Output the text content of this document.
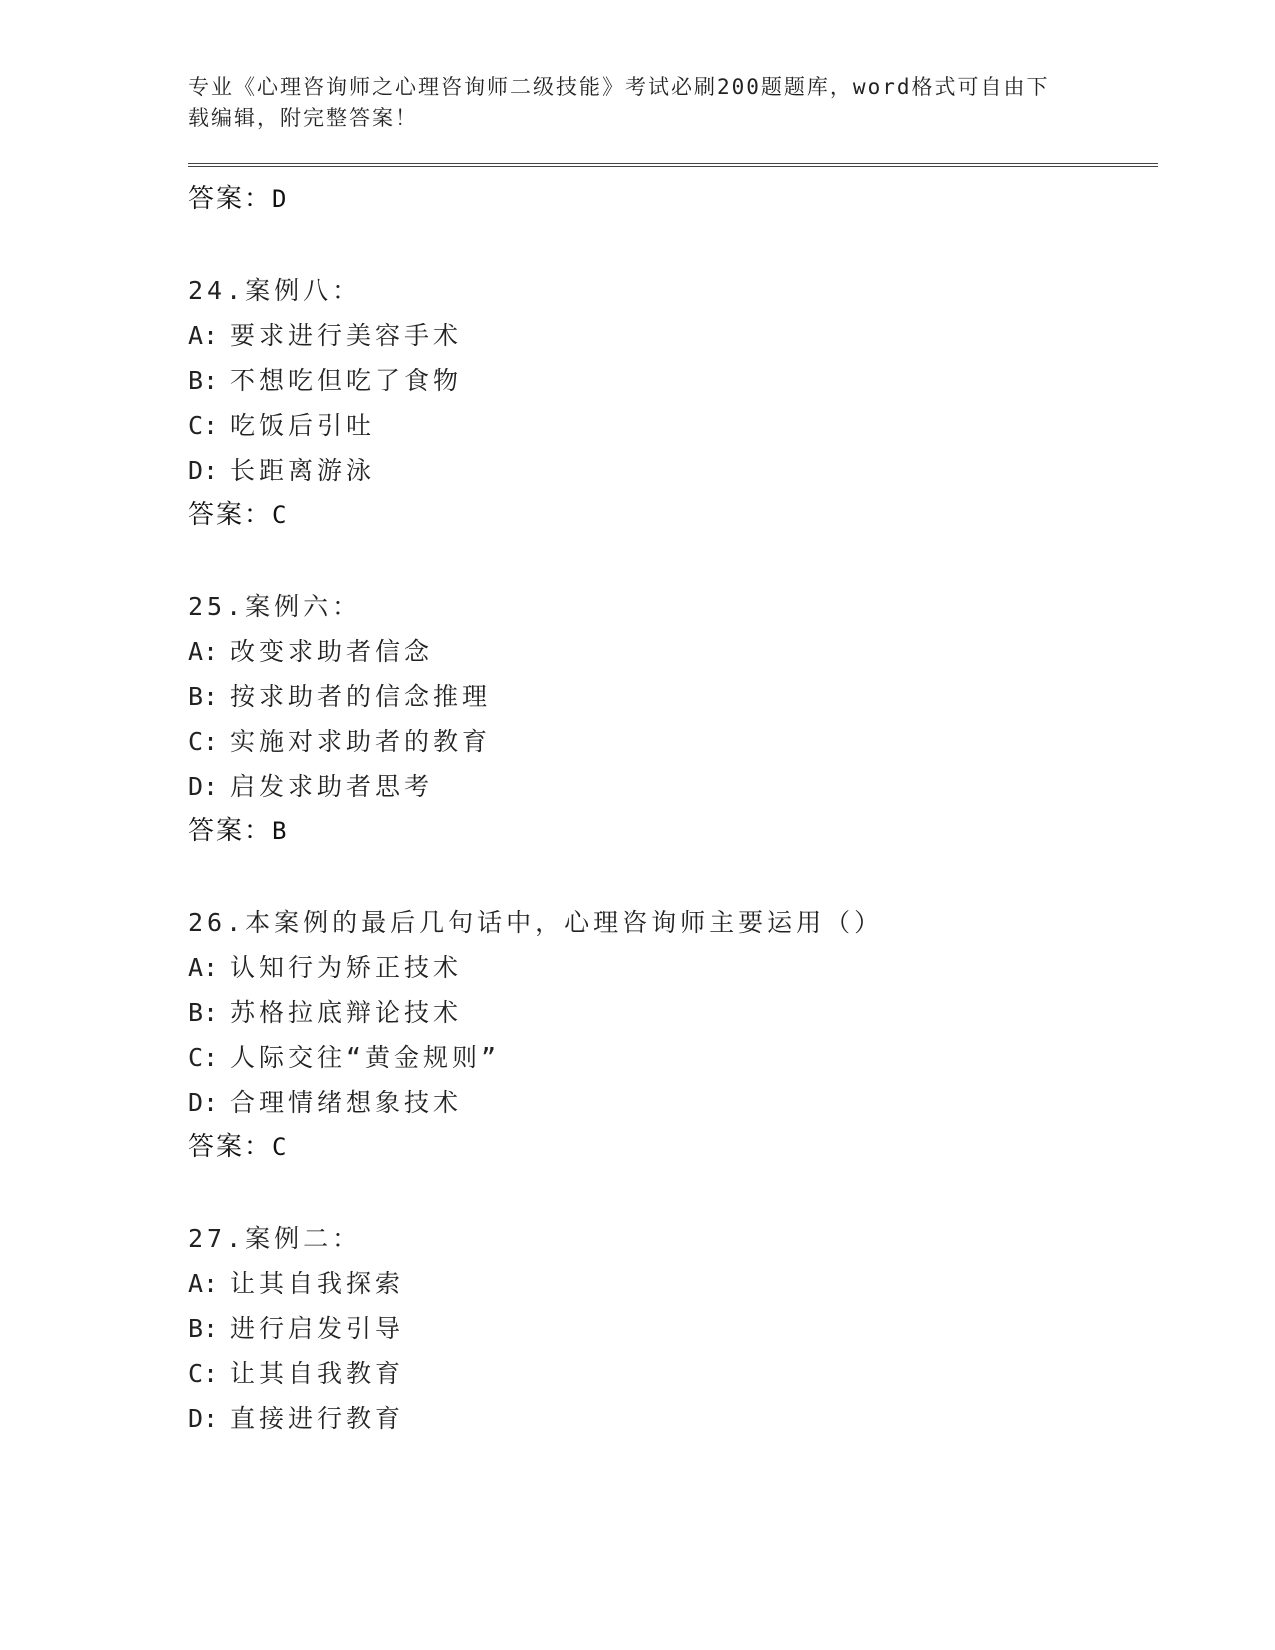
专业《心理咨询师之心理咨询师二级技能》考试必刷200题题库，word格式可自由下载编辑，附完整答案！
答案：D
24.案例八：
A: 要求进行美容手术
B: 不想吃但吃了食物
C: 吃饭后引吐
D: 长距离游泳
答案：C
25.案例六：
A: 改变求助者信念
B: 按求助者的信念推理
C: 实施对求助者的教育
D: 启发求助者思考
答案：B
26.本案例的最后几句话中，心理咨询师主要运用（）
A: 认知行为矫正技术
B: 苏格拉底辩论技术
C: 人际交往“黄金规则”
D: 合理情绪想象技术
答案：C
27.案例二：
A: 让其自我探索
B: 进行启发引导
C: 让其自我教育
D: 直接进行教育
